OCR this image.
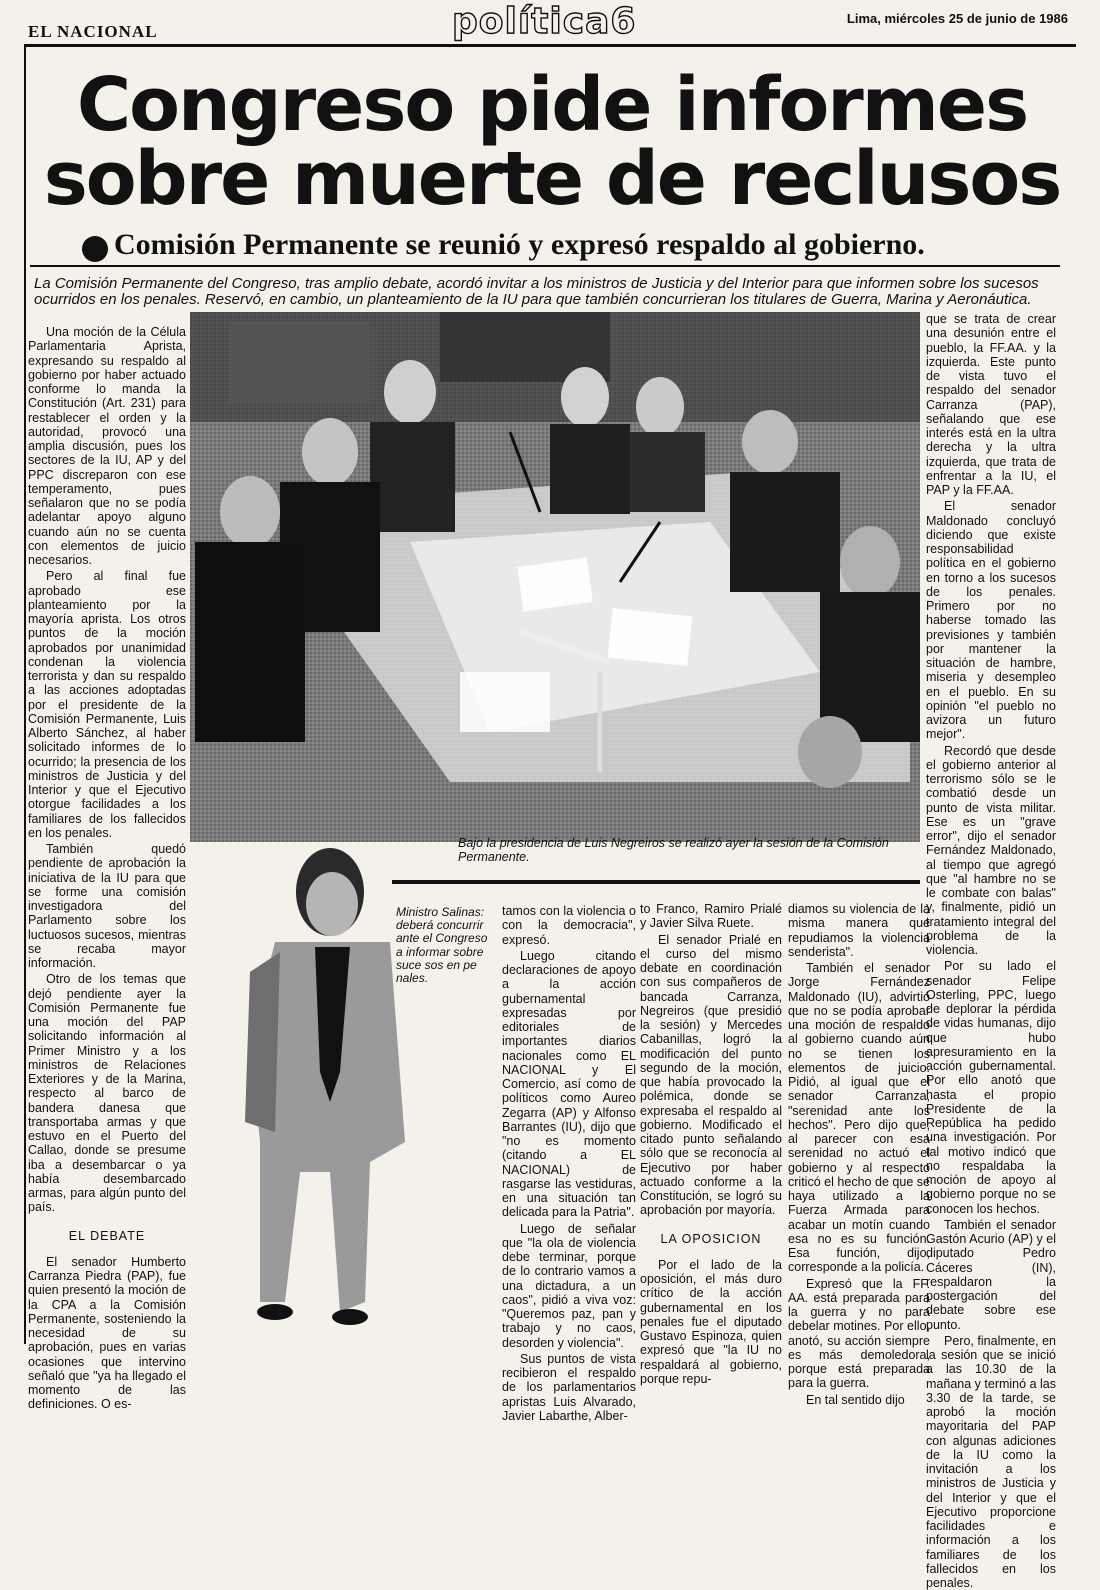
EL NACIONAL	política6	Lima, miércoles 25 de junio de 1986
Congreso pide informes
sobre muerte de reclusos
Comisión Permanente se reunió y expresó respaldo al gobierno.
La Comisión Permanente del Congreso, tras amplio debate, acordó invitar a los ministros de Justicia y del Interior para que informen sobre los sucesos ocurridos en los penales. Reservó, en cambio, un planteamiento de la IU para que también concurrieran los titulares de Guerra, Marina y Aeronáutica.
Bajo la presidencia de Luis Negreiros se realizó ayer la sesión de la Comisión Permanente.
Ministro Salinas: deberá concurrir ante el Congreso a informar sobre suce sos en pe nales.

Una moción de la Célula Parlamentaria Aprista, expresando su respaldo al gobierno por haber actuado conforme lo manda la Constitución (Art. 231) para restablecer el orden y la autoridad, provocó una amplia discusión, pues los sectores de la IU, AP y del PPC discreparon con ese temperamento, pues señalaron que no se podía adelantar apoyo alguno cuando aún no se cuenta con elementos de juicio necesarios.

Pero al final fue aprobado ese planteamiento por la mayoría aprista. Los otros puntos de la moción aprobados por unanimidad condenan la violencia terrorista y dan su respaldo a las acciones adoptadas por el presidente de la Comisión Permanente, Luis Alberto Sánchez, al haber solicitado informes de lo ocurrido; la presencia de los ministros de Justicia y del Interior y que el Ejecutivo otorgue facilidades a los familiares de los fallecidos en los penales.

También quedó pendiente de aprobación la iniciativa de la IU para que se forme una comisión investigadora del Parlamento sobre los luctuosos sucesos, mientras se recaba mayor información.

Otro de los temas que dejó pendiente ayer la Comisión Permanente fue una moción del PAP solicitando información al Primer Ministro y a los ministros de Relaciones Exteriores y de la Marina, respecto al barco de bandera danesa que transportaba armas y que estuvo en el Puerto del Callao, donde se presume iba a desembarcar o ya había desembarcado armas, para algún punto del país.

EL DEBATE

El senador Humberto Carranza Piedra (PAP), fue quien presentó la moción de la CPA a la Comisión Permanente, sosteniendo la necesidad de su aprobación, pues en varias ocasiones que intervino señaló que "ya ha llegado el momento de las definiciones. O es-

tamos con la violencia o con la democracia", expresó.

Luego citando declaraciones de apoyo a la acción gubernamental expresadas por editoriales de importantes diarios nacionales como EL NACIONAL y El Comercio, así como de políticos como Aureo Zegarra (AP) y Alfonso Barrantes (IU), dijo que "no es momento (citando a EL NACIONAL) de rasgarse las vestiduras, en una situación tan delicada para la Patria".

Luego de señalar que "la ola de violencia debe terminar, porque de lo contrario vamos a una dictadura, a un caos", pidió a viva voz: "Queremos paz, pan y trabajo y no caos, desorden y violencia".

Sus puntos de vista recibieron el respaldo de los parlamentarios apristas Luis Alvarado, Javier Labarthe, Alber-

to Franco, Ramiro Prialé y Javier Silva Ruete.

El senador Prialé en el curso del mismo debate en coordinación con sus compañeros de bancada Carranza, Negreiros (que presidió la sesión) y Mercedes Cabanillas, logró la modificación del punto segundo de la moción, que había provocado la polémica, donde se expresaba el respaldo al gobierno. Modificado el citado punto señalando sólo que se reconocía al Ejecutivo por haber actuado conforme a la Constitución, se logró su aprobación por mayoría.

LA OPOSICION

Por el lado de la oposición, el más duro crítico de la acción gubernamental en los penales fue el diputado Gustavo Espinoza, quien expresó que "la IU no respaldará al gobierno, porque repu-

diamos su violencia de la misma manera que repudiamos la violencia senderista".

También el senador Jorge Fernández Maldonado (IU), advirtió que no se podía aprobar una moción de respaldo al gobierno cuando aún no se tienen los elementos de juicio. Pidió, al igual que el senador Carranza, "serenidad ante los hechos". Pero dijo que, al parecer con esa serenidad no actuó el gobierno y al respecto criticó el hecho de que se haya utilizado a la Fuerza Armada para acabar un motín cuando esa no es su función. Esa función, dijo, corresponde a la policía.

Expresó que la FF. AA. está preparada para la guerra y no para debelar motines. Por ello, anotó, su acción siempre es más demoledora, porque está preparada para la guerra.

En tal sentido dijo

que se trata de crear una desunión entre el pueblo, la FF.AA. y la izquierda. Este punto de vista tuvo el respaldo del senador Carranza (PAP), señalando que ese interés está en la ultra derecha y la ultra izquierda, que trata de enfrentar a la IU, el PAP y la FF.AA.

El senador Maldonado concluyó diciendo que existe responsabilidad política en el gobierno en torno a los sucesos de los penales. Primero por no haberse tomado las previsiones y también por mantener la situación de hambre, miseria y desempleo en el pueblo. En su opinión "el pueblo no avizora un futuro mejor".

Recordó que desde el gobierno anterior al terrorismo sólo se le combatió desde un punto de vista militar. Ese es un "grave error", dijo el senador Fernández Maldonado, al tiempo que agregó que "al hambre no se le combate con balas" y, finalmente, pidió un tratamiento integral del problema de la violencia.

Por su lado el senador Felipe Osterling, PPC, luego de deplorar la pérdida de vidas humanas, dijo que hubo apresuramiento en la acción gubernamental. Por ello anotó que hasta el propio Presidente de la República ha pedido una investigación. Por tal motivo indicó que no respaldaba la moción de apoyo al gobierno porque no se conocen los hechos.

También el senador Gastón Acurio (AP) y el diputado Pedro Cáceres (IN), respaldaron la postergación del debate sobre ese punto.

Pero, finalmente, en la sesión que se inició a las 10.30 de la mañana y terminó a las 3.30 de la tarde, se aprobó la moción mayoritaria del PAP con algunas adiciones de la IU como la invitación a los ministros de Justicia y del Interior y que el Ejecutivo proporcione facilidades e información a los familiares de los fallecidos en los penales.
